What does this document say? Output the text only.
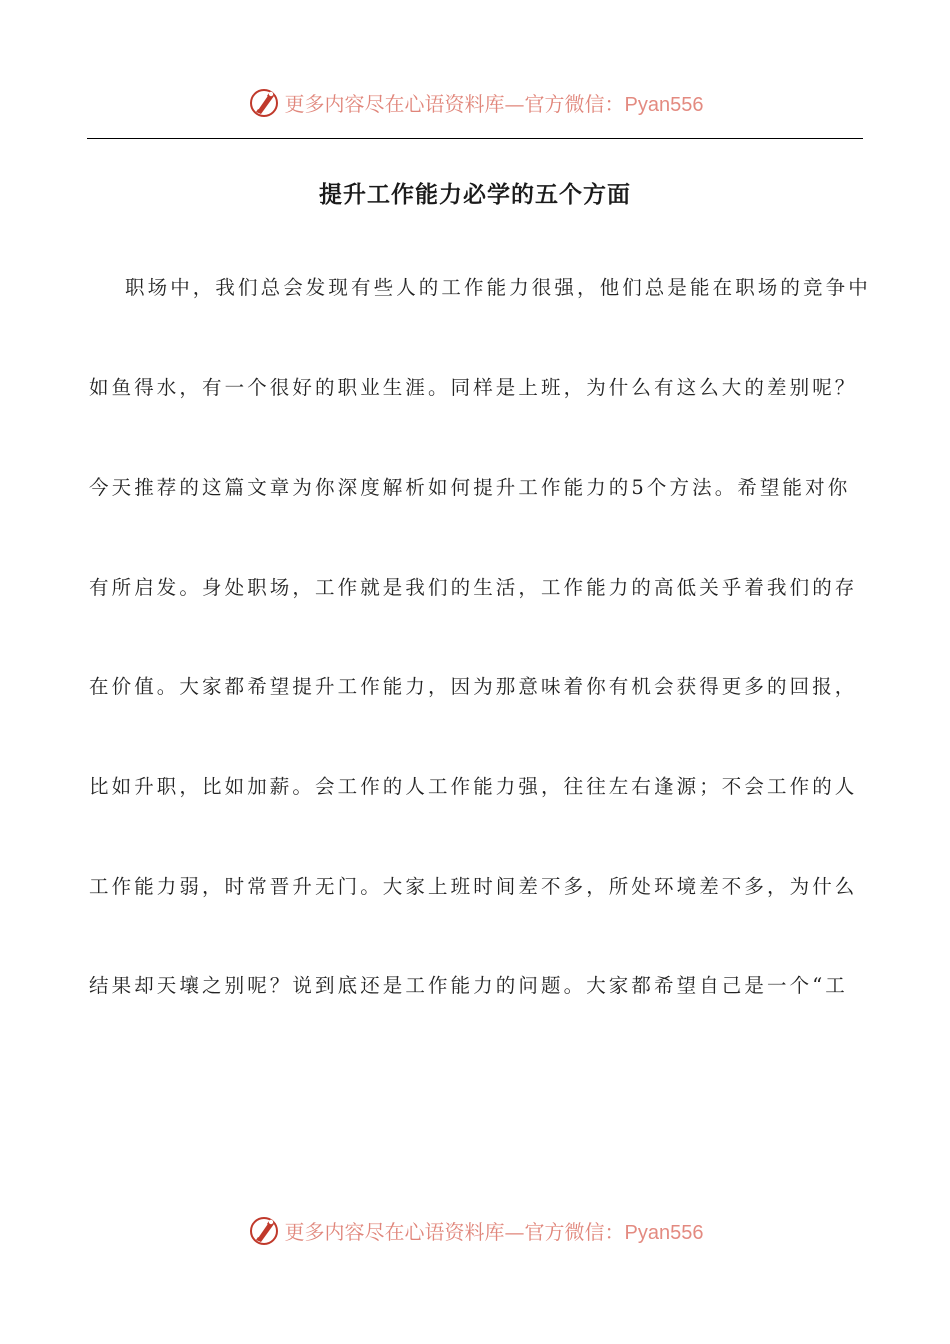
更多内容尽在心语资料库—官方微信：Pyan556
提升工作能力必学的五个方面
职场中，我们总会发现有些人的工作能力很强，他们总是能在职场的竞争中
如鱼得水，有一个很好的职业生涯。同样是上班，为什么有这么大的差别呢？
今天推荐的这篇文章为你深度解析如何提升工作能力的5个方法。希望能对你
有所启发。身处职场，工作就是我们的生活，工作能力的高低关乎着我们的存
在价值。大家都希望提升工作能力，因为那意味着你有机会获得更多的回报，
比如升职，比如加薪。会工作的人工作能力强，往往左右逢源；不会工作的人
工作能力弱，时常晋升无门。大家上班时间差不多，所处环境差不多，为什么
结果却天壤之别呢？说到底还是工作能力的问题。大家都希望自己是一个“工
更多内容尽在心语资料库—官方微信：Pyan556
